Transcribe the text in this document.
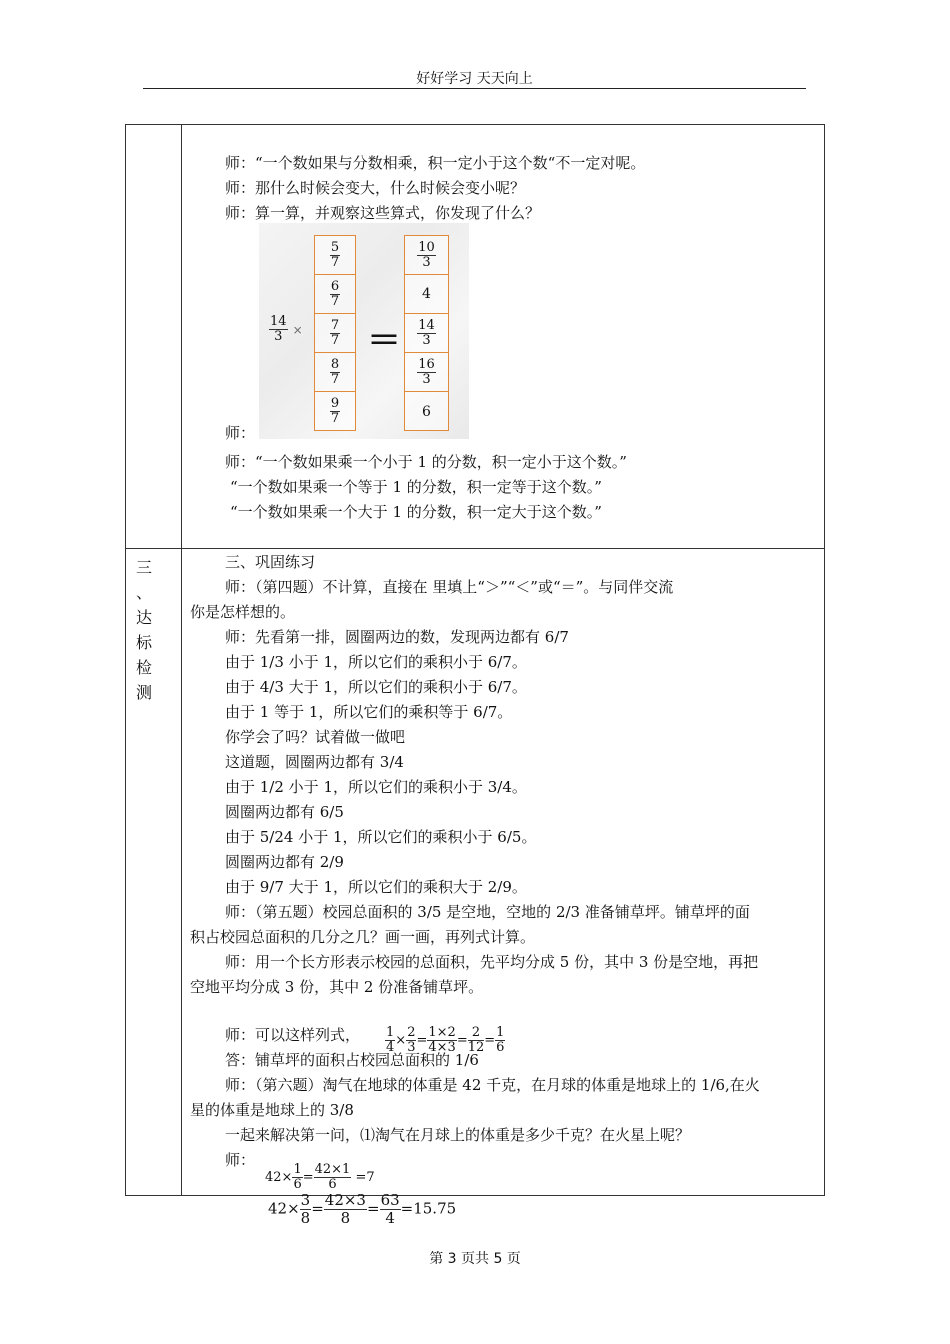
好好学习 天天向上
三
、
达
标
检
测
师：“一个数如果与分数相乘，积一定小于这个数“不一定对呢。
师：那什么时候会变大，什么时候会变小呢？
师：算一算，并观察这些算式，你发现了什么？
$\frac{14}{3}$ ×
$\frac{5}{7}$
$\frac{6}{7}$
$\frac{7}{7}$
$\frac{8}{7}$
$\frac{9}{7}$
＝
$\frac{10}{3}$
4
$\frac{14}{3}$
$\frac{16}{3}$
6
师：
师：“一个数如果乘一个小于 1 的分数，积一定小于这个数。”
“一个数如果乘一个等于 1 的分数，积一定等于这个数。”
“一个数如果乘一个大于 1 的分数，积一定大于这个数。”
三、巩固练习
师：（第四题）不计算，直接在 里填上“＞”“＜”或“＝”。与同伴交流
你是怎样想的。
师：先看第一排，圆圈两边的数，发现两边都有 6/7
由于 1/3 小于 1，所以它们的乘积小于 6/7。
由于 4/3 大于 1，所以它们的乘积小于 6/7。
由于 1 等于 1，所以它们的乘积等于 6/7。
你学会了吗？试着做一做吧
这道题，圆圈两边都有 3/4
由于 1/2 小于 1，所以它们的乘积小于 3/4。
圆圈两边都有 6/5
由于 5/24 小于 1，所以它们的乘积小于 6/5。
圆圈两边都有 2/9
由于 9/7 大于 1，所以它们的乘积大于 2/9。
师：（第五题）校园总面积的 3/5 是空地，空地的 2/3 准备铺草坪。铺草坪的面
积占校园总面积的几分之几？画一画，再列式计算。
师：用一个长方形表示校园的总面积，先平均分成 5 份，其中 3 份是空地，再把
空地平均分成 3 份，其中 2 份准备铺草坪。
师：可以这样列式， $\frac{1}{4} \times \frac{2}{3} = \frac{1\times 2}{4\times 3} = \frac{2}{12} = \frac{1}{6}$
答：铺草坪的面积占校园总面积的 1/6
师：（第六题）淘气在地球的体重是 42 千克，在月球的体重是地球上的 1/6,在火
星的体重是地球上的 3/8
一起来解决第一问，⑴淘气在月球上的体重是多少千克？在火星上呢？
师：
$42\times \frac{1}{6} = \frac{42\times 1}{6} =7$
$42\times \frac{3}{8} = \frac{42\times 3}{8} = \frac{63}{4} =15.75$
第 3 页共 5 页
